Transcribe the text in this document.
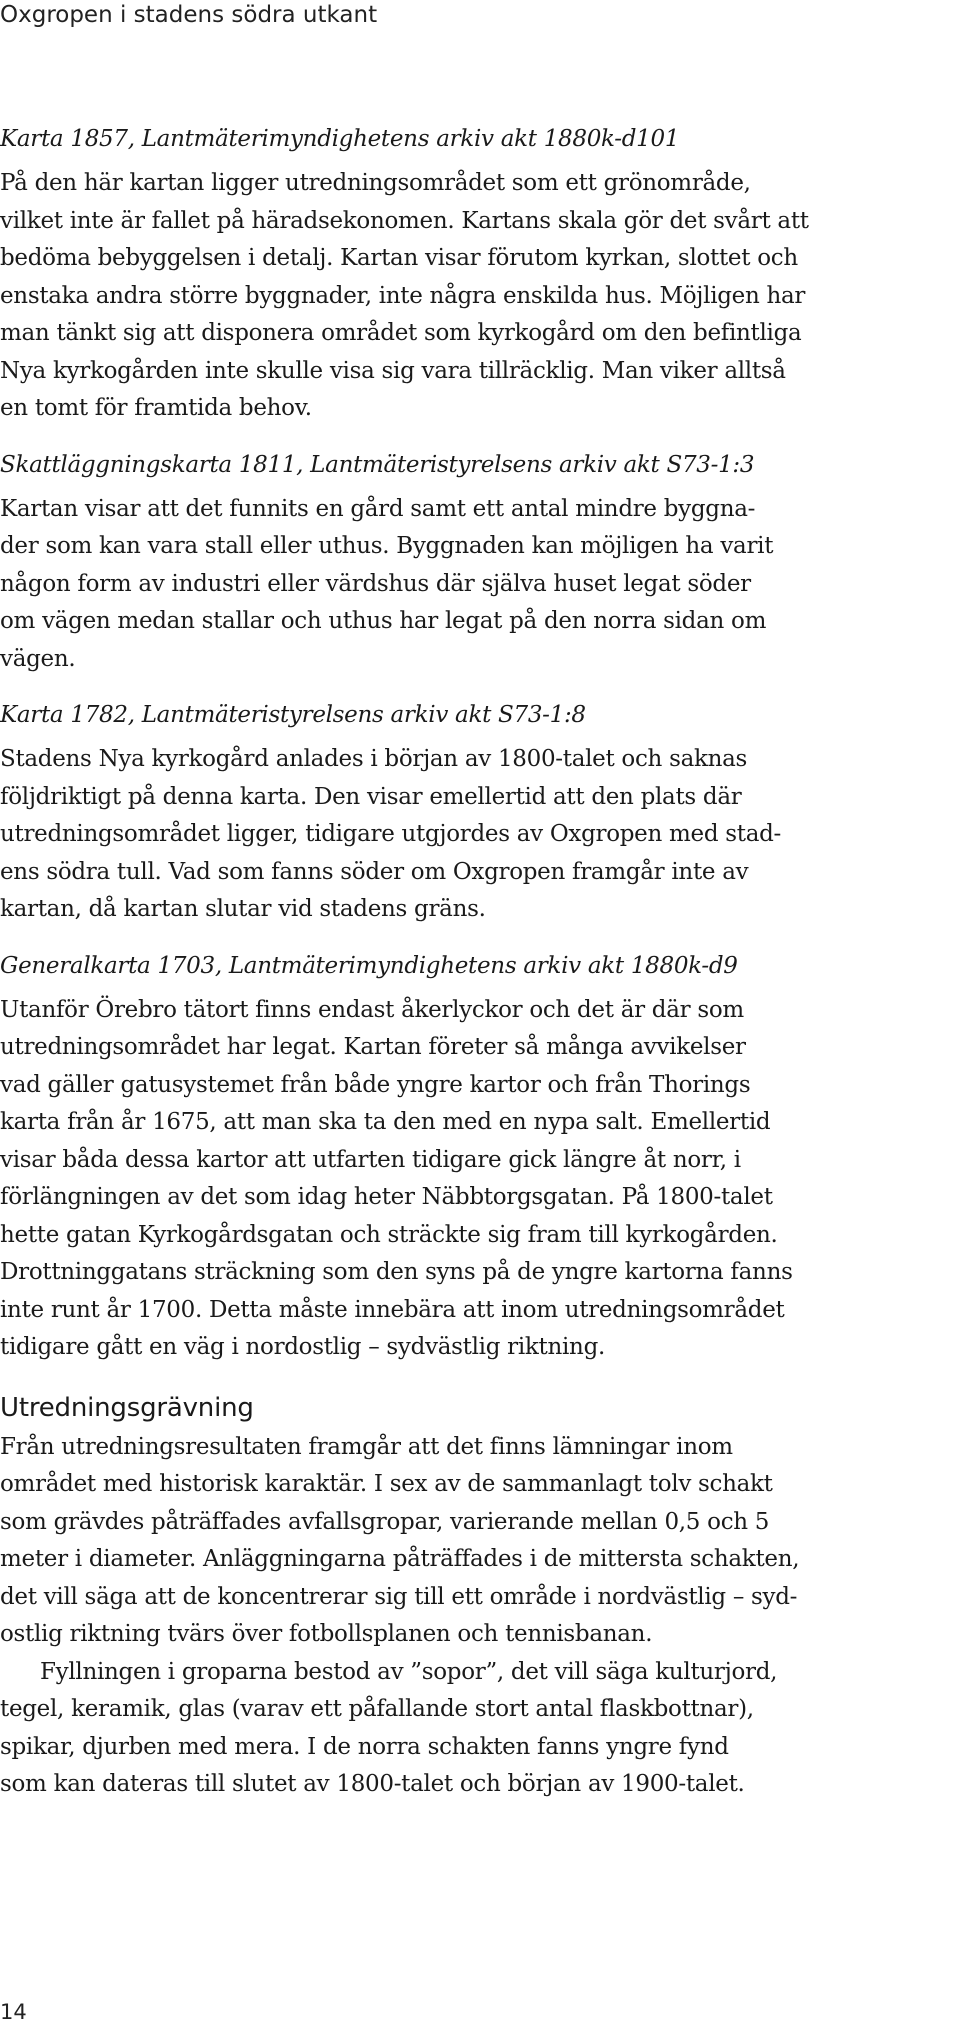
Oxgropen i stadens södra utkant
Karta 1857, Lantmäterimyndighetens arkiv akt 1880k-d101

På den här kartan ligger utredningsområdet som ett grönområde,
vilket inte är fallet på häradsekonomen. Kartans skala gör det svårt att
bedöma bebyggelsen i detalj. Kartan visar förutom kyrkan, slottet och
enstaka andra större byggnader, inte några enskilda hus. Möjligen har
man tänkt sig att disponera området som kyrkogård om den befintliga
Nya kyrkogården inte skulle visa sig vara tillräcklig. Man viker alltså
en tomt för framtida behov.

Skattläggningskarta 1811, Lantmäteristyrelsens arkiv akt S73-1:3

Kartan visar att det funnits en gård samt ett antal mindre byggna-
der som kan vara stall eller uthus. Byggnaden kan möjligen ha varit
någon form av industri eller värdshus där själva huset legat söder
om vägen medan stallar och uthus har legat på den norra sidan om
vägen.

Karta 1782, Lantmäteristyrelsens arkiv akt S73-1:8

Stadens Nya kyrkogård anlades i början av 1800-talet och saknas
följdriktigt på denna karta. Den visar emellertid att den plats där
utredningsområdet ligger, tidigare utgjordes av Oxgropen med stad-
ens södra tull. Vad som fanns söder om Oxgropen framgår inte av
kartan, då kartan slutar vid stadens gräns.

Generalkarta 1703, Lantmäterimyndighetens arkiv akt 1880k-d9

Utanför Örebro tätort finns endast åkerlyckor och det är där som
utredningsområdet har legat. Kartan företer så många avvikelser
vad gäller gatusystemet från både yngre kartor och från Thorings
karta från år 1675, att man ska ta den med en nypa salt. Emellertid
visar båda dessa kartor att utfarten tidigare gick längre åt norr, i
förlängningen av det som idag heter Näbbtorgsgatan. På 1800-talet
hette gatan Kyrkogårdsgatan och sträckte sig fram till kyrkogården.
Drottninggatans sträckning som den syns på de yngre kartorna fanns
inte runt år 1700. Detta måste innebära att inom utredningsområdet
tidigare gått en väg i nordostlig – sydvästlig riktning.

Utredningsgrävning

Från utredningsresultaten framgår att det finns lämningar inom
området med historisk karaktär. I sex av de sammanlagt tolv schakt
som grävdes påträffades avfallsgropar, varierande mellan 0,5 och 5
meter i diameter. Anläggningarna påträffades i de mittersta schakten,
det vill säga att de koncentrerar sig till ett område i nordvästlig – syd-
ostlig riktning tvärs över fotbollsplanen och tennisbanan.
Fyllningen i groparna bestod av ”sopor”, det vill säga kulturjord,
tegel, keramik, glas (varav ett påfallande stort antal flaskbottnar),
spikar, djurben med mera. I de norra schakten fanns yngre fynd
som kan dateras till slutet av 1800-talet och början av 1900-talet.

14
